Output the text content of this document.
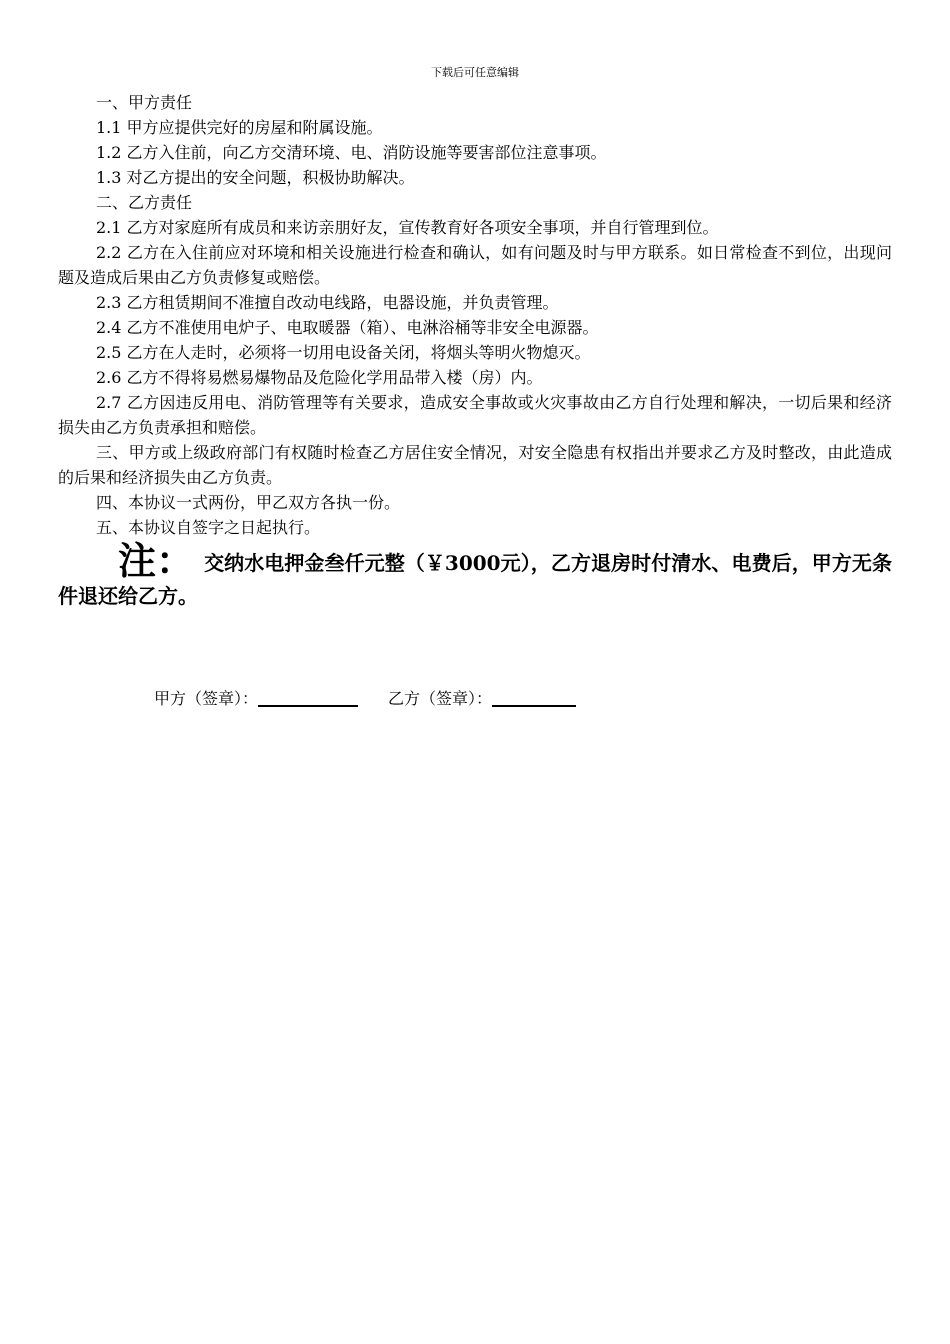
下载后可任意编辑

一、甲方责任

1.1 甲方应提供完好的房屋和附属设施。

1.2 乙方入住前，向乙方交清环境、电、消防设施等要害部位注意事项。

1.3 对乙方提出的安全问题，积极协助解决。

二、乙方责任

2.1 乙方对家庭所有成员和来访亲朋好友，宣传教育好各项安全事项，并自行管理到位。

2.2 乙方在入住前应对环境和相关设施进行检查和确认，如有问题及时与甲方联系。如日常检查不到位，出现问题及造成后果由乙方负责修复或赔偿。

2.3 乙方租赁期间不准擅自改动电线路，电器设施，并负责管理。

2.4 乙方不准使用电炉子、电取暖器（箱）、电淋浴桶等非安全电源器。

2.5 乙方在人走时，必须将一切用电设备关闭，将烟头等明火物熄灭。

2.6 乙方不得将易燃易爆物品及危险化学用品带入楼（房）内。

2.7 乙方因违反用电、消防管理等有关要求，造成安全事故或火灾事故由乙方自行处理和解决，一切后果和经济损失由乙方负责承担和赔偿。

三、甲方或上级政府部门有权随时检查乙方居住安全情况，对安全隐患有权指出并要求乙方及时整改，由此造成的后果和经济损失由乙方负责。

四、本协议一式两份，甲乙双方各执一份。

五、本协议自签字之日起执行。

注： 交纳水电押金叁仟元整（￥3000元），乙方退房时付清水、电费后，甲方无条件退还给乙方。
甲方（签章）：	乙方（签章）：
